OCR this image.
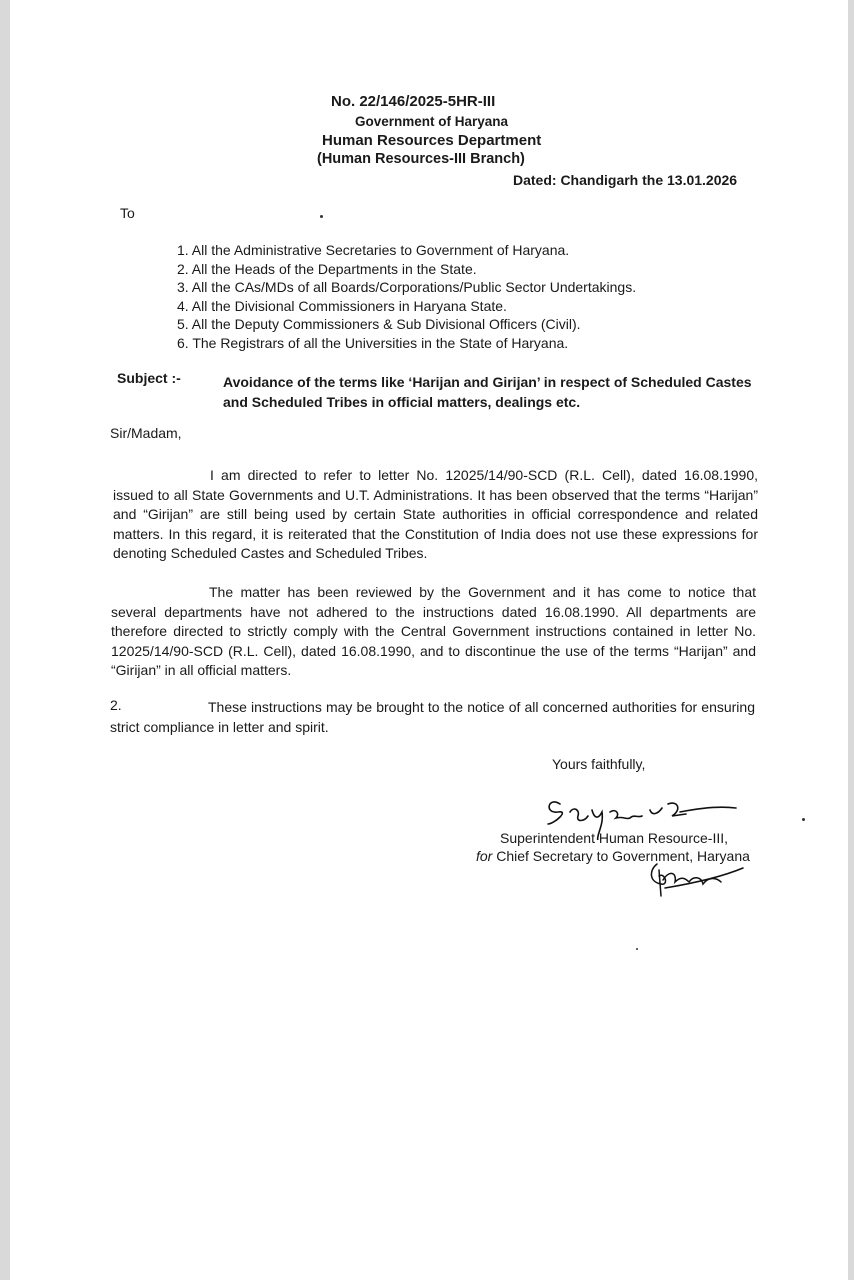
No. 22/146/2025-5HR-III
Government of Haryana
Human Resources Department
(Human Resources-III Branch)
Dated: Chandigarh the 13.01.2026
To
1. All the Administrative Secretaries to Government of Haryana.
2. All the Heads of the Departments in the State.
3. All the CAs/MDs of all Boards/Corporations/Public Sector Undertakings.
4. All the Divisional Commissioners in Haryana State.
5. All the Deputy Commissioners & Sub Divisional Officers (Civil).
6. The Registrars of all the Universities in the State of Haryana.
Subject :-	Avoidance of the terms like ‘Harijan and Girijan’ in respect of Scheduled Castes and Scheduled Tribes in official matters, dealings etc.
Sir/Madam,
I am directed to refer to letter No. 12025/14/90-SCD (R.L. Cell), dated 16.08.1990, issued to all State Governments and U.T. Administrations. It has been observed that the terms “Harijan” and “Girijan” are still being used by certain State authorities in official correspondence and related matters. In this regard, it is reiterated that the Constitution of India does not use these expressions for denoting Scheduled Castes and Scheduled Tribes.
The matter has been reviewed by the Government and it has come to notice that several departments have not adhered to the instructions dated 16.08.1990. All departments are therefore directed to strictly comply with the Central Government instructions contained in letter No. 12025/14/90-SCD (R.L. Cell), dated 16.08.1990, and to discontinue the use of the terms “Harijan” and “Girijan” in all official matters.
2.	These instructions may be brought to the notice of all concerned authorities for ensuring strict compliance in letter and spirit.
Yours faithfully,
Superintendent Human Resource-III,
for Chief Secretary to Government, Haryana
